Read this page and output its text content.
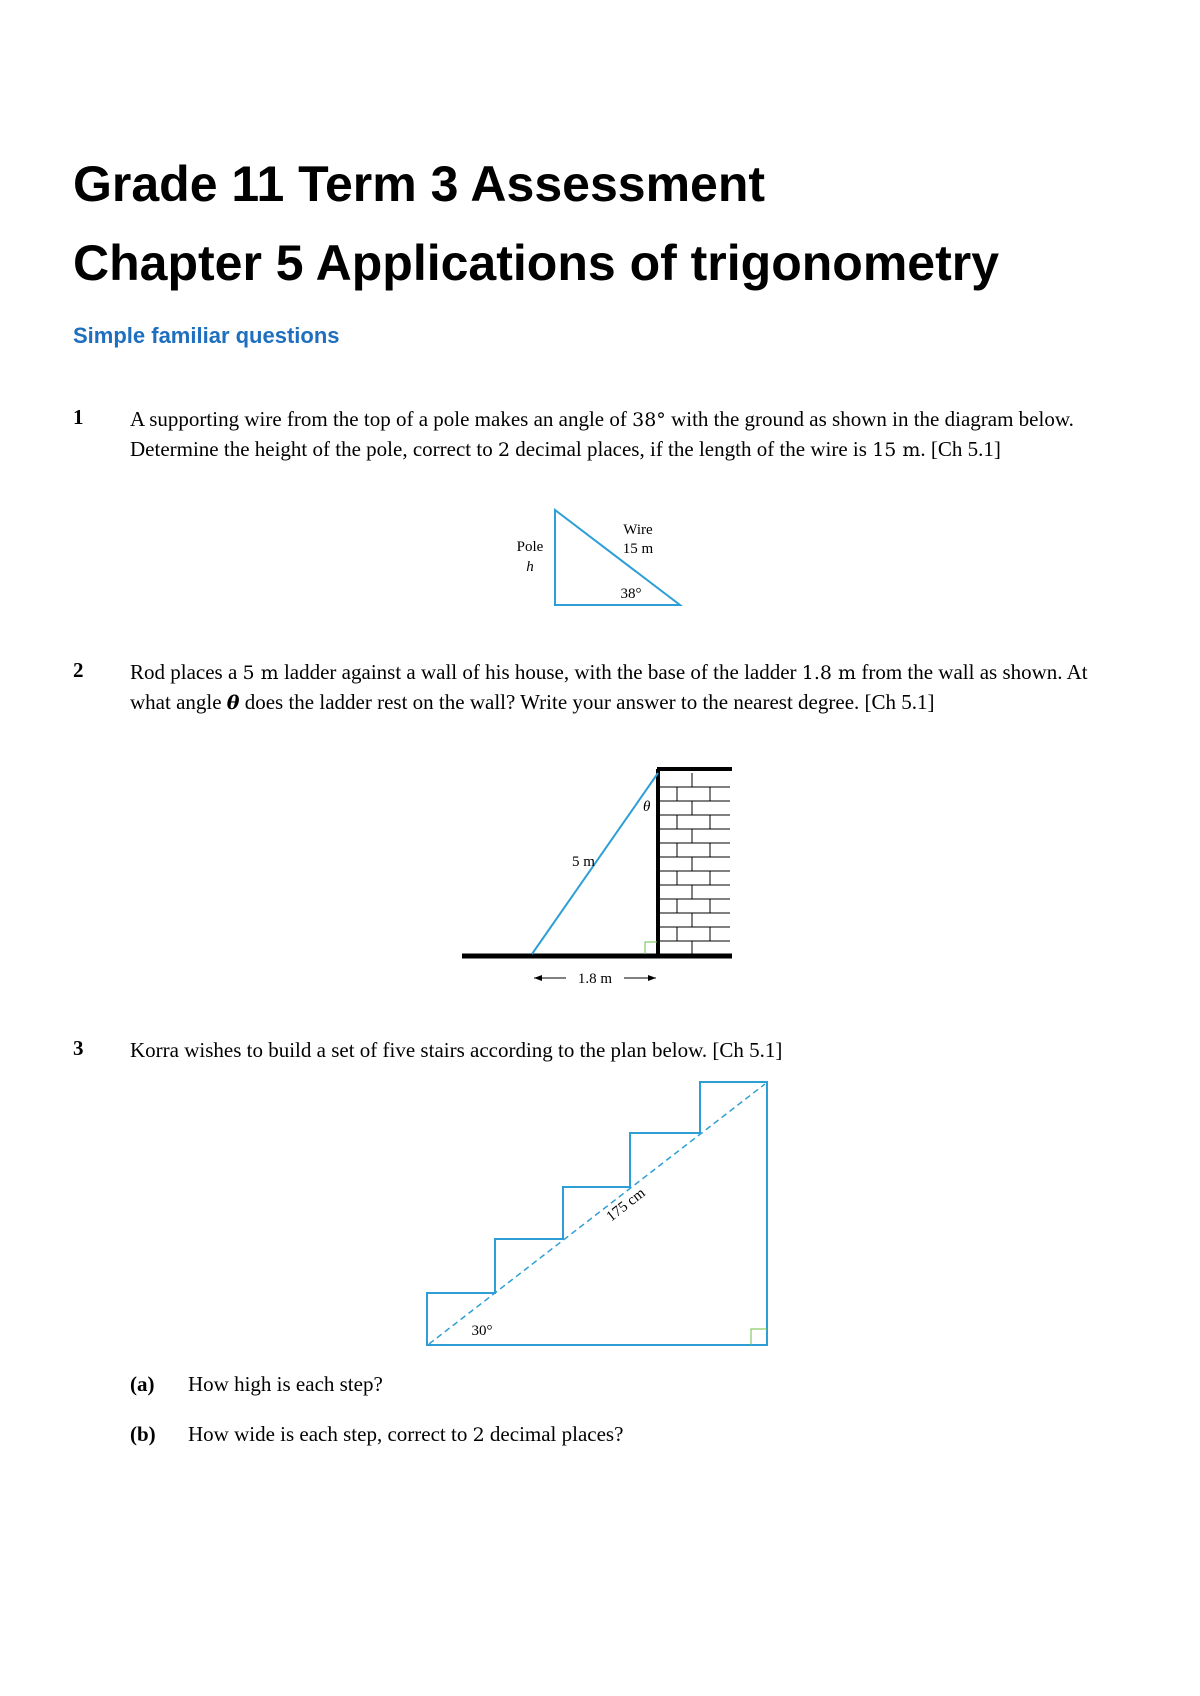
Grade 11 Term 3 Assessment
Chapter 5 Applications of trigonometry
Simple familiar questions
1 A supporting wire from the top of a pole makes an angle of 38° with the ground as shown in the diagram below. Determine the height of the pole, correct to 2 decimal places, if the length of the wire is 15 m. [Ch 5.1]
Pole
h
Wire
15 m
38°
2 Rod places a 5 m ladder against a wall of his house, with the base of the ladder 1.8 m from the wall as shown. At what angle θ does the ladder rest on the wall? Write your answer to the nearest degree. [Ch 5.1]
θ
5 m
1.8 m
3 Korra wishes to build a set of five stairs according to the plan below. [Ch 5.1]
175 cm
30°
(a) How high is each step?
(b) How wide is each step, correct to 2 decimal places?
